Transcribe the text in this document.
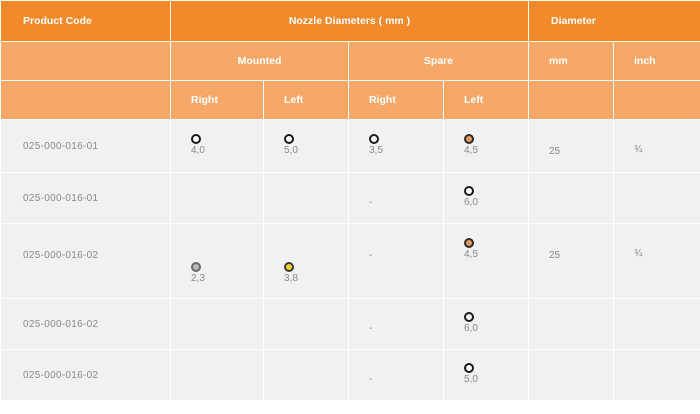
Product Code	Nozzle Diameters ( mm )				Diameter	
	Mounted		Spare		mm	inch
	Right	Left	Right	Left		
025-000-016-01	4,0	5,0	3,5	4,5	25	¾
025-000-016-01			-	6,0		

025-000-016-02	2,3	3,8	-	4,5	25	¾
025-000-016-02			-	6,0		

025-000-016-02			-	5,0		
